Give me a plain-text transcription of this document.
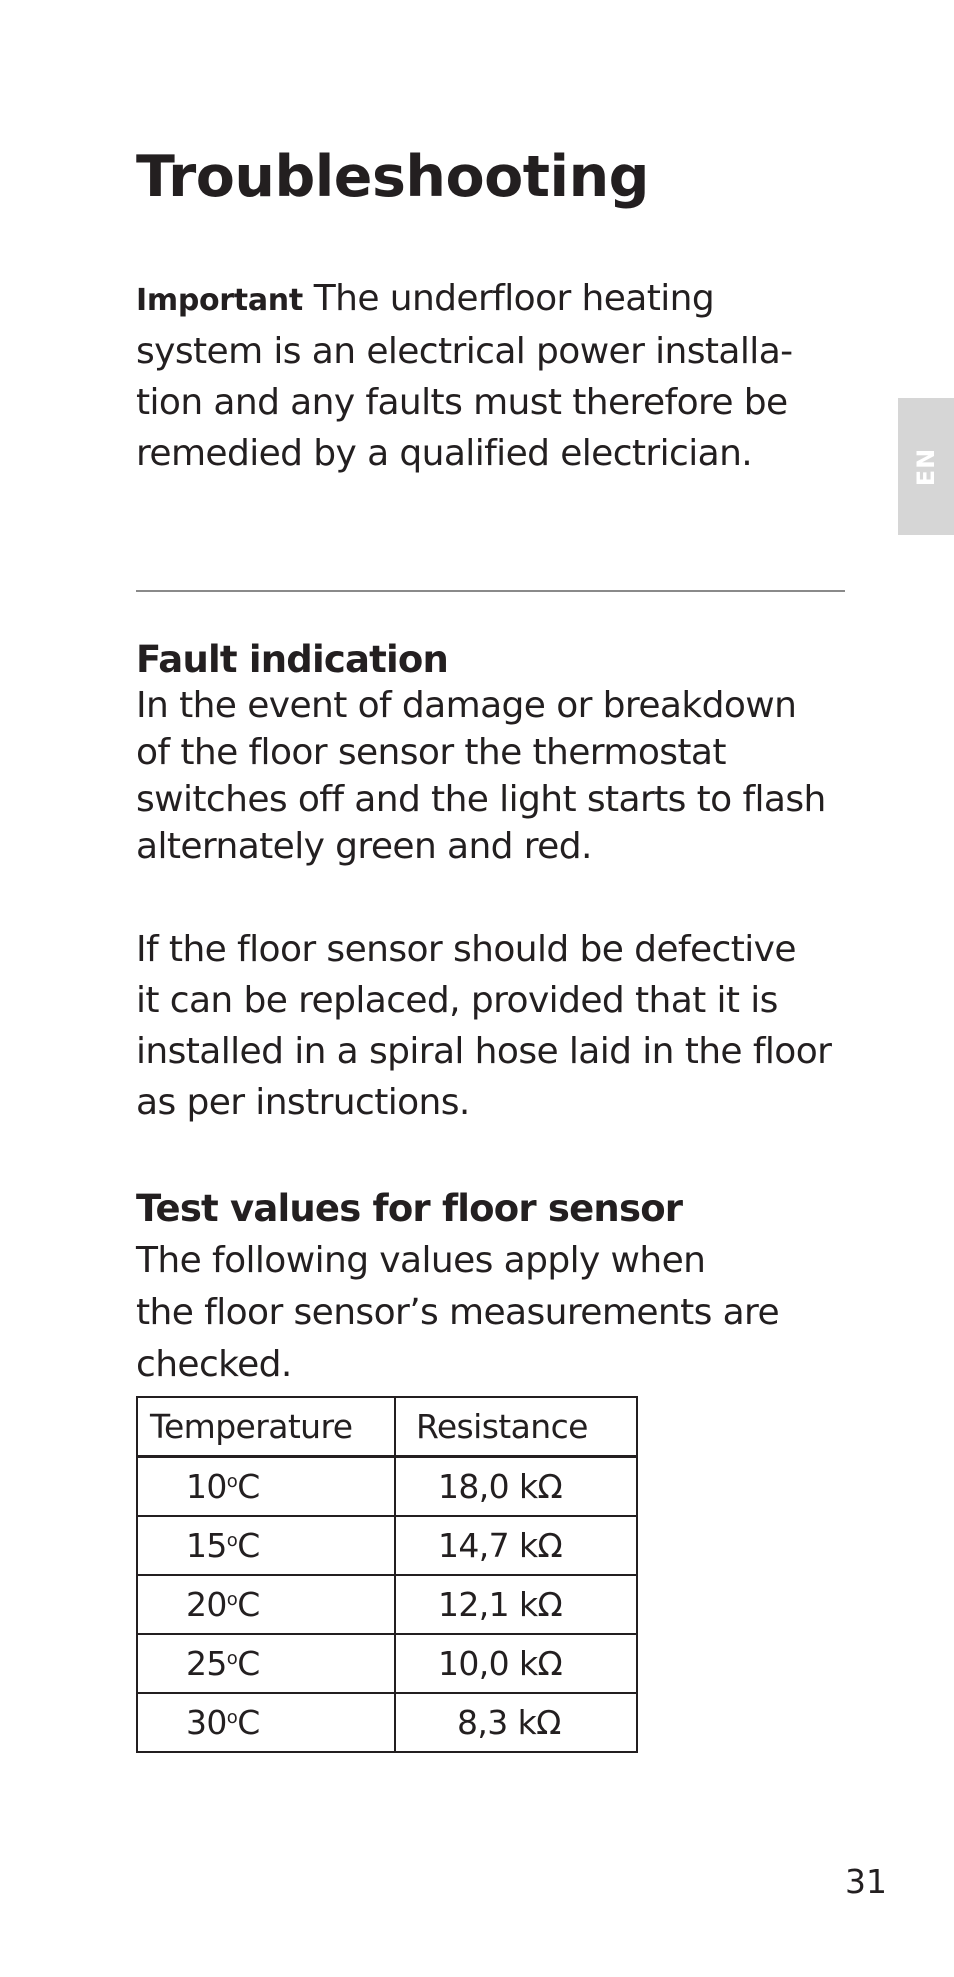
Troubleshooting

Important The underfloor heating
system is an electrical power installa-
tion and any faults must therefore be
remedied by a qualified electrician.	EN
Fault indication

In the event of damage or breakdown
of the floor sensor the thermostat
switches off and the light starts to flash
alternately green and red.

If the floor sensor should be defective
it can be replaced, provided that it is
installed in a spiral hose laid in the floor
as per instructions.

Test values for floor sensor

The following values apply when
the floor sensor’s measurements are
checked.

Temperature	Resistance
10$^o$C	18,0 kΩ
15$^o$C	14,7 kΩ
20$^o$C	12,1 kΩ
25$^o$C	10,0 kΩ
30$^o$C	8,3 kΩ

31
